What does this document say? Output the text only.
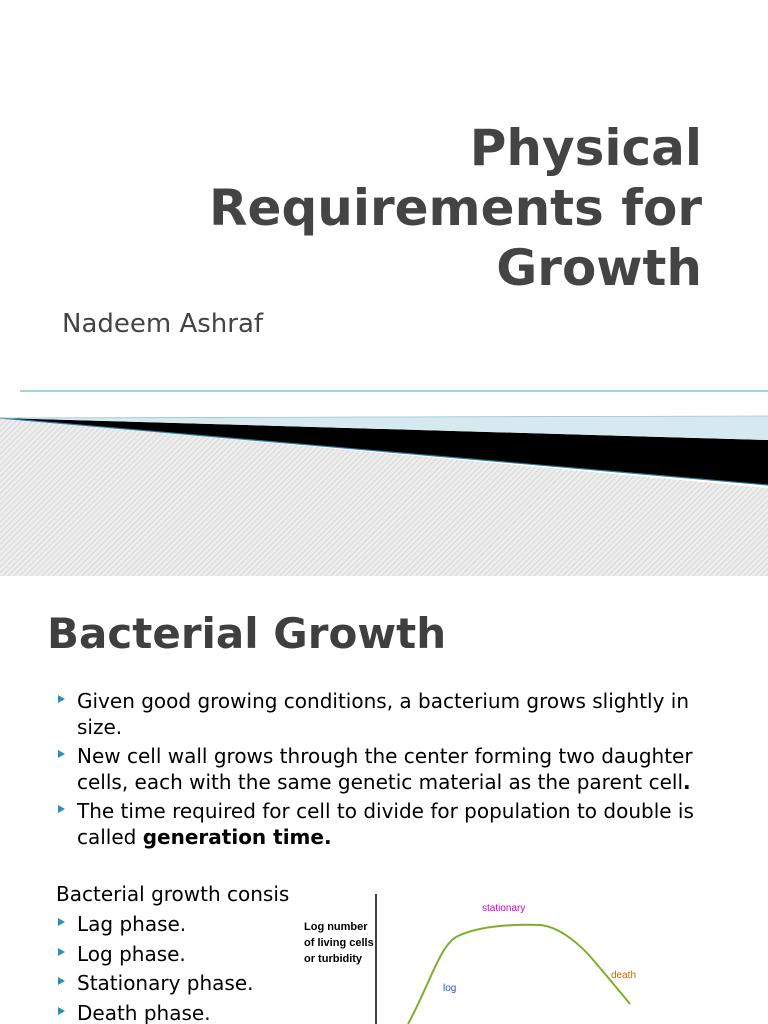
Physical
Requirements for
Growth
Nadeem Ashraf
Bacterial Growth
Given good growing conditions, a bacterium grows slightly in size.
New cell wall grows through the center forming two daughter cells, each with the same genetic material as the parent cell.
The time required for cell to divide for population to double is called generation time.
Bacterial growth consis
Lag phase.
Log phase.
Stationary phase.
Death phase.
Log number
of living cells
or turbidity
stationary
log
death
